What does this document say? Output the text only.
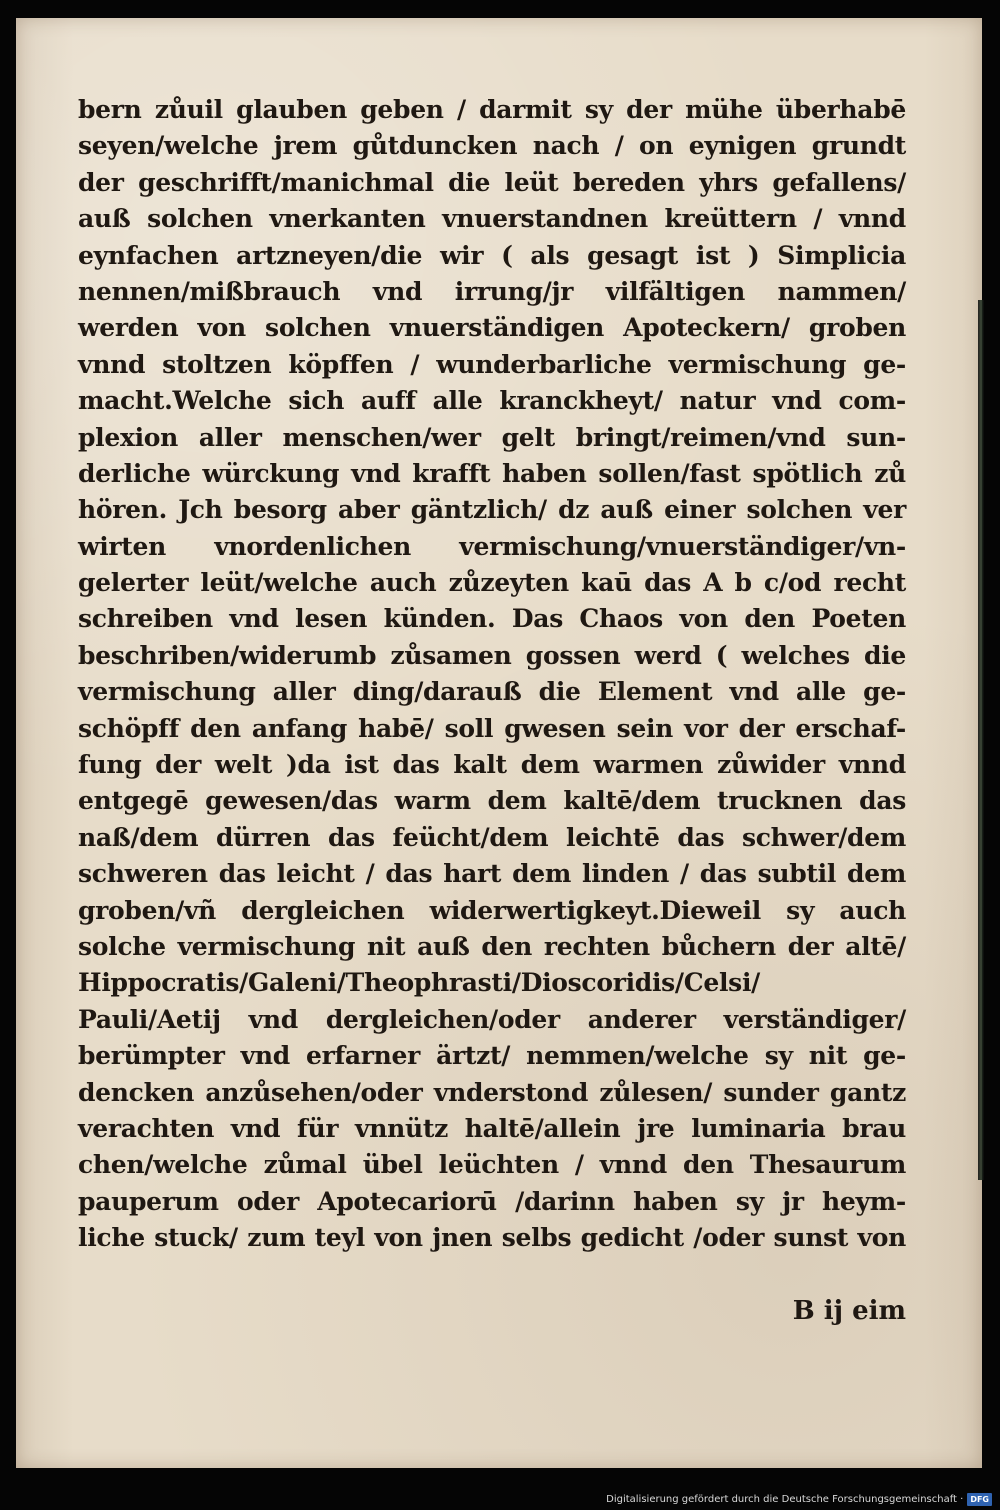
bern zůuil glauben geben / darmit sy der mühe überhabē
seyen/welche jrem gůtduncken nach / on eynigen grundt
der geschrifft/manichmal die leüt bereden yhrs gefallens/
auß solchen vnerkanten vnuerstandnen kreüttern / vnnd
eynfachen artzneyen/die wir ( als gesagt ist ) Simplicia
nennen/mißbrauch vnd irrung/jr vilfältigen nammen/
werden von solchen vnuerständigen Apoteckern/ groben
vnnd stoltzen köpffen / wunderbarliche vermischung ge-
macht.Welche sich auff alle kranckheyt/ natur vnd com-
plexion aller menschen/wer gelt bringt/reimen/vnd sun-
derliche würckung vnd krafft haben sollen/fast spötlich zů
hören. Jch besorg aber gäntzlich/ dz auß einer solchen ver
wirten vnordenlichen vermischung/vnuerständiger/vn-
gelerter leüt/welche auch zůzeyten kaū das A b c/od recht
schreiben vnd lesen künden. Das Chaos von den Poeten
beschriben/widerumb zůsamen gossen werd ( welches die
vermischung aller ding/darauß die Element vnd alle ge-
schöpff den anfang habē/ soll gwesen sein vor der erschaf-
fung der welt )da ist das kalt dem warmen zůwider vnnd
entgegē gewesen/das warm dem kaltē/dem trucknen das
naß/dem dürren das feücht/dem leichtē das schwer/dem
schweren das leicht / das hart dem linden / das subtil dem
groben/vñ dergleichen widerwertigkeyt.Dieweil sy auch
solche vermischung nit auß den rechten bůchern der altē/
Hippocratis/Galeni/Theophrasti/Dioscoridis/Celsi/
Pauli/Aetij vnd dergleichen/oder anderer verständiger/
berümpter vnd erfarner ärtzt/ nemmen/welche sy nit ge-
dencken anzůsehen/oder vnderstond zůlesen/ sunder gantz
verachten vnd für vnnütz haltē/allein jre luminaria brau
chen/welche zůmal übel leüchten / vnnd den Thesaurum
pauperum oder Apotecariorū /darinn haben sy jr heym-
liche stuck/ zum teyl von jnen selbs gedicht /oder sunst von
B ij eim
Digitalisierung gefördert durch die Deutsche Forschungsgemeinschaft · DFG
